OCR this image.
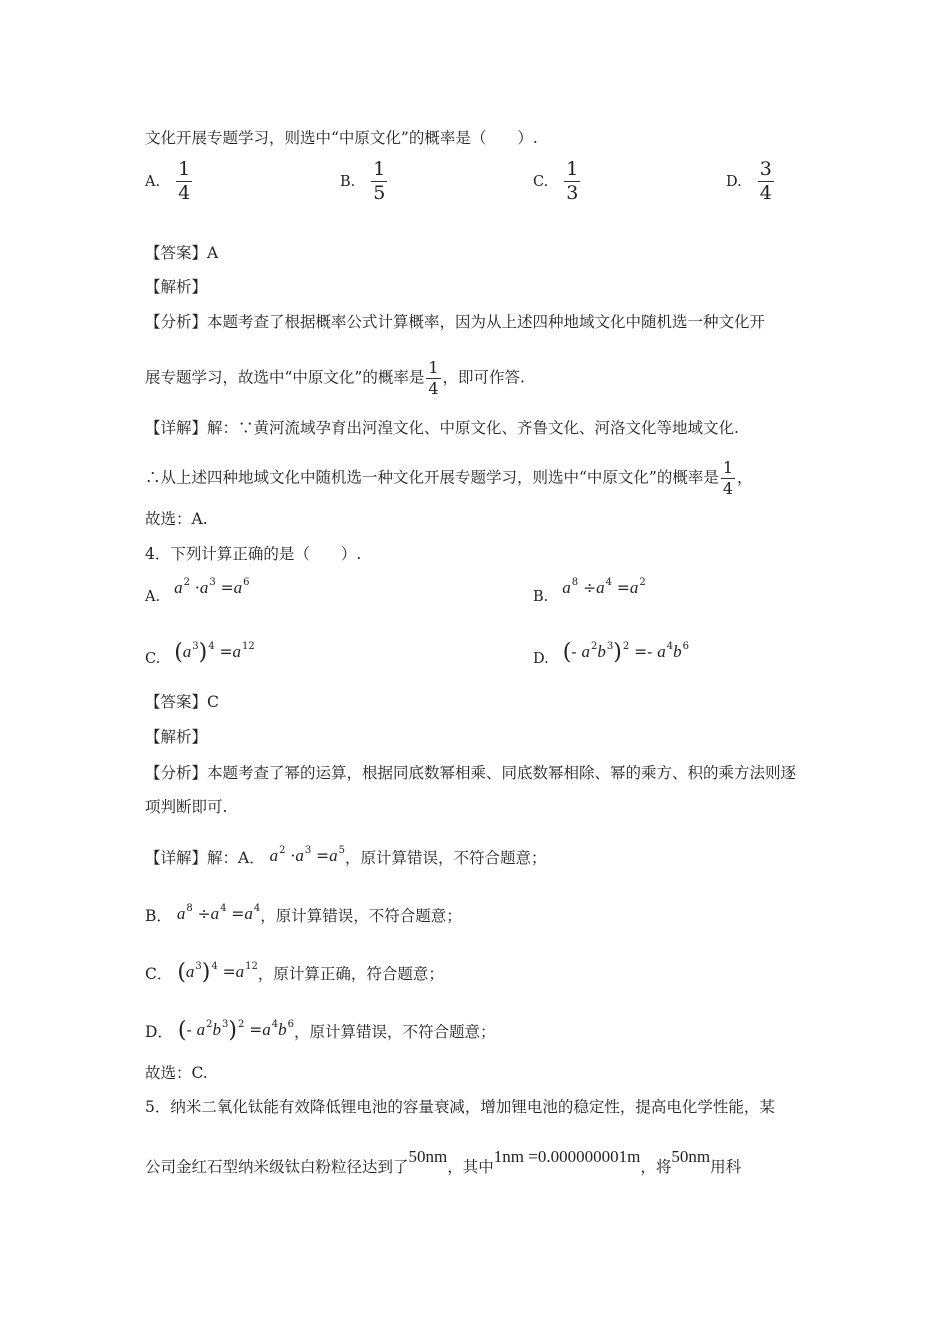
文化开展专题学习，则选中“中原文化”的概率是（　　）.
A. $\frac{1}{4}$	B. $\frac{1}{5}$	C. $\frac{1}{3}$	D. $\frac{3}{4}$
【答案】A
【解析】
【分析】本题考查了根据概率公式计算概率，因为从上述四种地域文化中随机选一种文化开
展专题学习，故选中“中原文化”的概率是 $\frac{1}{4}$ ，即可作答.
【详解】解：∵黄河流域孕育出河湟文化、中原文化、齐鲁文化、河洛文化等地域文化.
∴从上述四种地域文化中随机选一种文化开展专题学习，则选中“中原文化”的概率是 $\frac{1}{4}$ ，
故选：A.
4．下列计算正确的是（　　）.
A. $a^2 \cdot a^3 =a^6$
B. $a^8 \div a^4 =a^2$
C. $(a^3)^4 =a^{12}$
D. (- $a^2b^3)^2 =- a^4b^6$
【答案】C
【解析】
【分析】本题考查了幂的运算，根据同底数幂相乘、同底数幂相除、幂的乘方、积的乘方法则逐
项判断即可.
【详解】解：A． $a^2 \cdot a^3 =a^5$，原计算错误，不符合题意；
B． $a^8 \div a^4 =a^4$，原计算错误，不符合题意；
C． $(a^3)^4 =a^{12}$，原计算正确，符合题意；
D． (- $a^2b^3)^2 =a^4b^6$，原计算错误，不符合题意；
故选：C.
5．纳米二氧化钛能有效降低锂电池的容量衰减，增加锂电池的稳定性，提高电化学性能，某
公司金红石型纳米级钛白粉粒径达到了50nm，其中1nm =0.000000001m，将50nm用科
